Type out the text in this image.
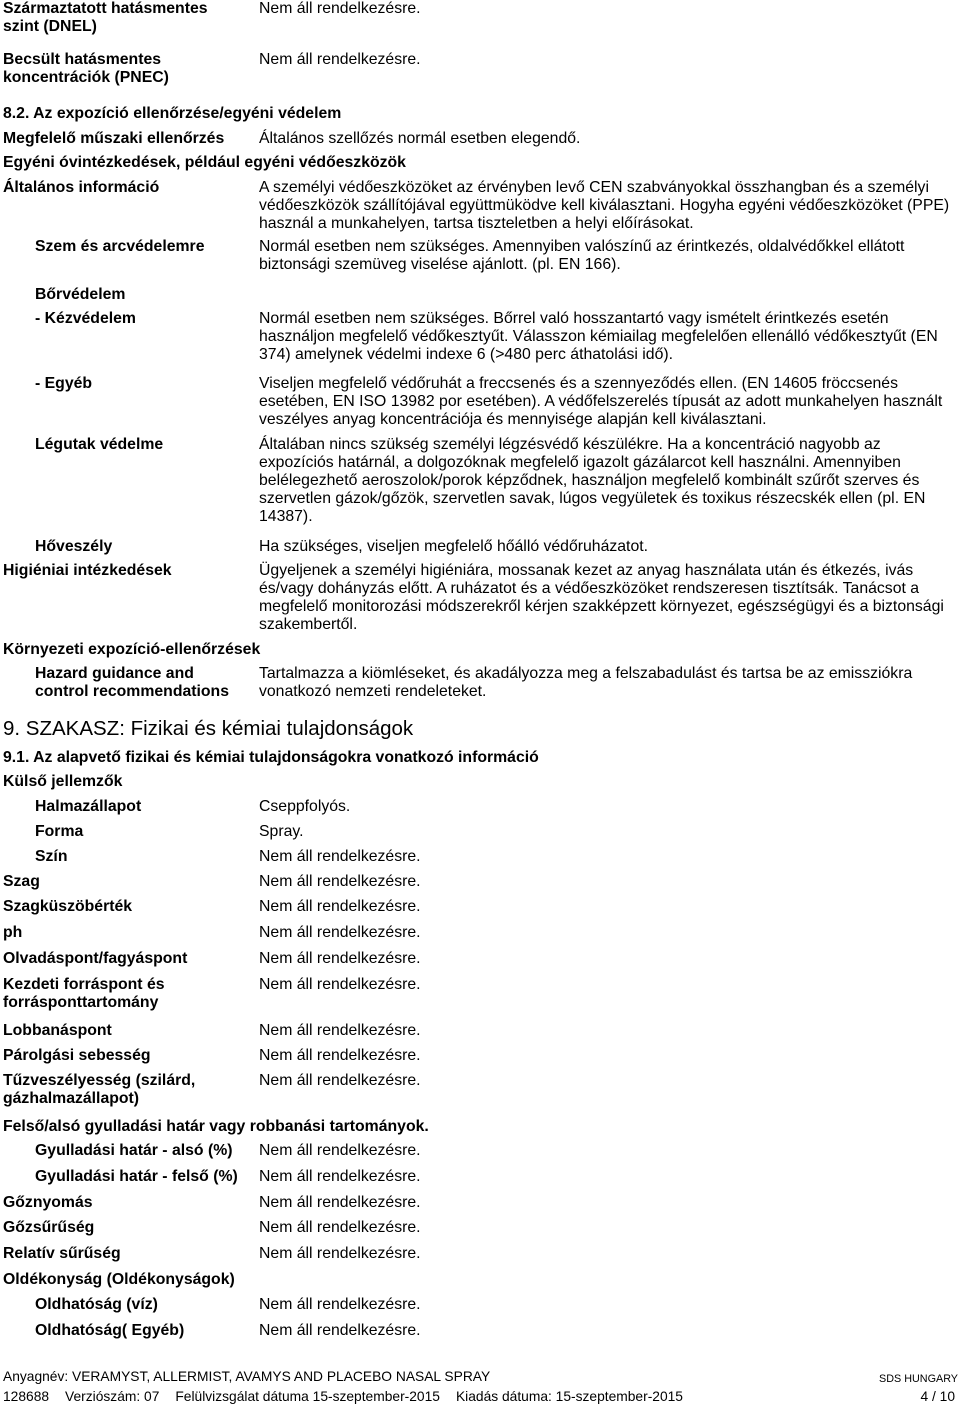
Származtatott hatásmentes
szint (DNEL)
Nem áll rendelkezésre.
Becsült hatásmentes
koncentrációk (PNEC)
Nem áll rendelkezésre.
8.2. Az expozíció ellenőrzése/egyéni védelem
Megfelelő műszaki ellenőrzés Általános szellőzés normál esetben elegendő.
Egyéni óvintézkedések, például egyéni védőeszközök
Általános információ	A személyi védőeszközöket az érvényben levő CEN szabványokkal összhangban és a személyi
védőeszközök szállítójával együttmüködve kell kiválasztani. Hogyha egyéni védőeszközöket (PPE)
használ a munkahelyen, tartsa tiszteletben a helyi előírásokat.
Szem és arcvédelemre	Normál esetben nem szükséges. Amennyiben valószínű az érintkezés, oldalvédőkkel ellátott
biztonsági szemüveg viselése ajánlott. (pl. EN 166).
Bőrvédelem
- Kézvédelem	Normál esetben nem szükséges. Bőrrel való hosszantartó vagy ismételt érintkezés esetén
használjon megfelelő védőkesztyűt. Válasszon kémiailag megfelelően ellenálló védőkesztyűt (EN
374) amelynek védelmi indexe 6 (>480 perc áthatolási idő).
- Egyéb	Viseljen megfelelő védőruhát a freccsenés és a szennyeződés ellen. (EN 14605 fröccsenés
esetében, EN ISO 13982 por esetében). A védőfelszerelés típusát az adott munkahelyen használt
veszélyes anyag koncentrációja és mennyisége alapján kell kiválasztani.
Légutak védelme	Általában nincs szükség személyi légzésvédő készülékre. Ha a koncentráció nagyobb az
expozíciós határnál, a dolgozóknak megfelelő igazolt gázálarcot kell használni. Amennyiben
belélegezhető aeroszolok/porok képződnek, használjon megfelelő kombinált szűrőt szerves és
szervetlen gázok/gőzök, szervetlen savak, lúgos vegyületek és toxikus részecskék ellen (pl. EN
14387).
Hőveszély	Ha szükséges, viseljen megfelelő hőálló védőruházatot.
Higiéniai intézkedések	Ügyeljenek a személyi higiéniára, mossanak kezet az anyag használata után és étkezés, ivás
és/vagy dohányzás előtt. A ruházatot és a védőeszközöket rendszeresen tisztítsák. Tanácsot a
megfelelő monitorozási módszerekről kérjen szakképzett környezet, egészségügyi és a biztonsági
szakembertől.
Környezeti expozíció-ellenőrzések
Hazard guidance and
control recommendations
Tartalmazza a kiömléseket, és akadályozza meg a felszabadulást és tartsa be az emissziókra
vonatkozó nemzeti rendeleteket.
9. SZAKASZ: Fizikai és kémiai tulajdonságok
9.1. Az alapvető fizikai és kémiai tulajdonságokra vonatkozó információ
Külső jellemzők
Halmazállapot	Cseppfolyós.
Forma	Spray.
Szín	Nem áll rendelkezésre.
Szag	Nem áll rendelkezésre.
Szagküszöbérték	Nem áll rendelkezésre.
ph	Nem áll rendelkezésre.
Olvadáspont/fagyáspont	Nem áll rendelkezésre.
Kezdeti forráspont és
forrásponttartomány
Nem áll rendelkezésre.
Lobbanáspont	Nem áll rendelkezésre.
Párolgási sebesség	Nem áll rendelkezésre.
Tűzveszélyesség (szilárd,
gázhalmazállapot)
Nem áll rendelkezésre.
Felső/alsó gyulladási határ vagy robbanási tartományok.
Gyulladási határ - alsó (%) Nem áll rendelkezésre.
Gyulladási határ - felső (%) Nem áll rendelkezésre.
Gőznyomás	Nem áll rendelkezésre.
Gőzsűrűség	Nem áll rendelkezésre.
Relatív sűrűség	Nem áll rendelkezésre.
Oldékonyság (Oldékonyságok)
Oldhatóság (víz)	Nem áll rendelkezésre.
Oldhatóság( Egyéb)	Nem áll rendelkezésre.
Anyagnév: VERAMYST, ALLERMIST, AVAMYS AND PLACEBO NASAL SPRAY
128688 Verziószám: 07 Felülvizsgálat dátuma 15-szeptember-2015 Kiadás dátuma: 15-szeptember-2015
SDS HUNGARY
4 / 10
